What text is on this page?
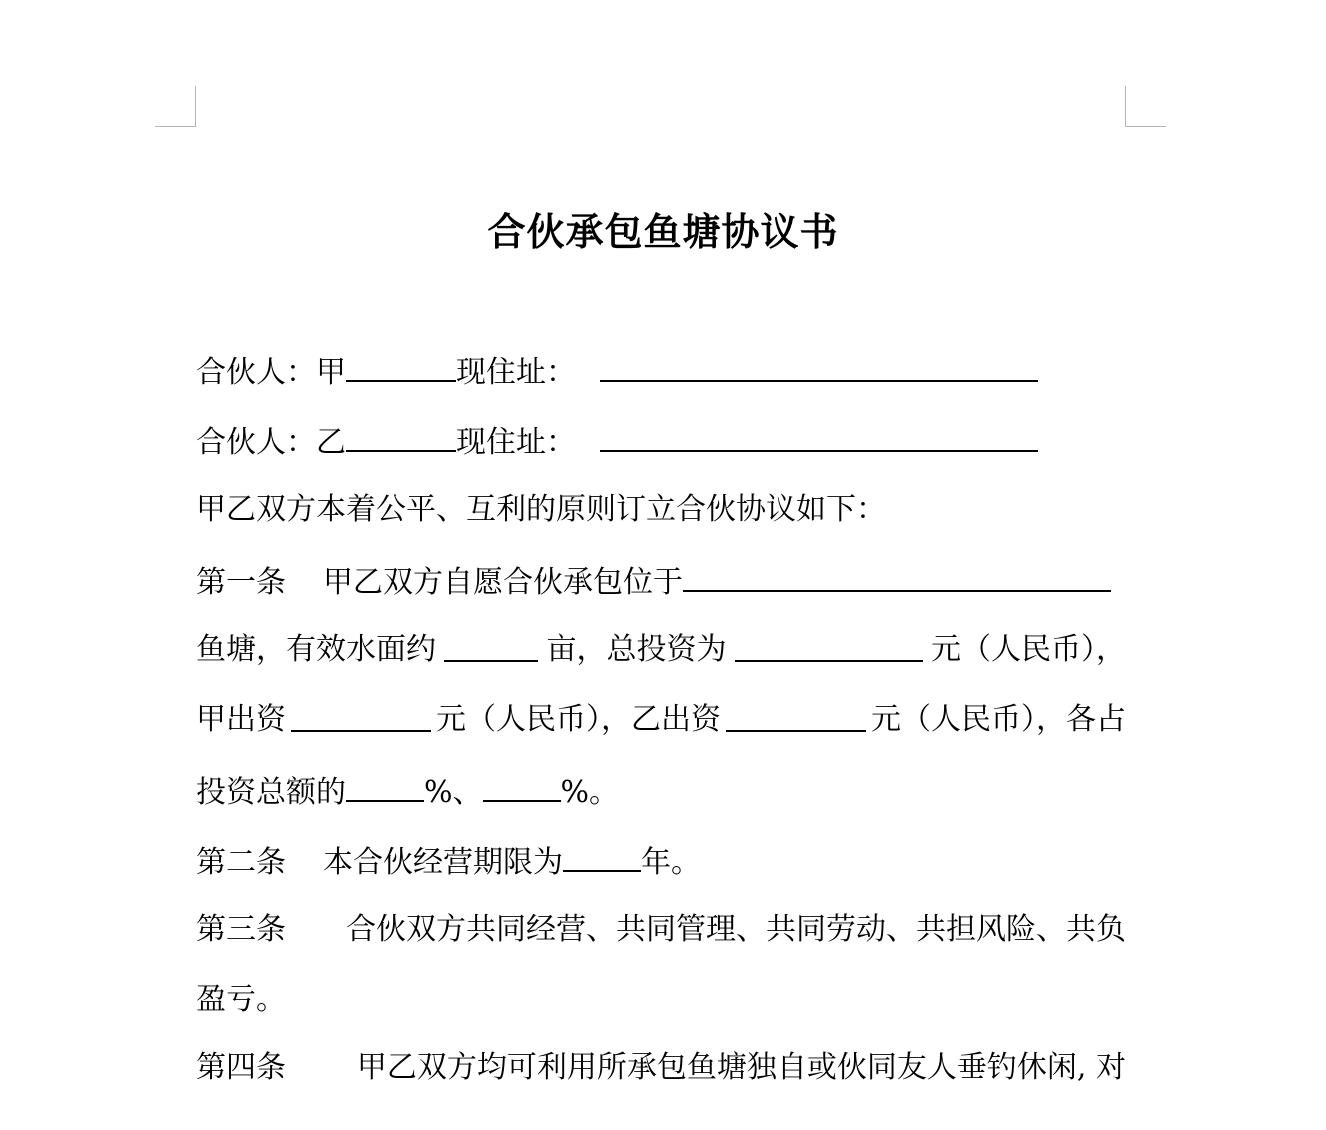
合伙承包鱼塘协议书
合伙人：甲	现住址：
合伙人：乙	现住址：
甲乙双方本着公平、互利的原则订立合伙协议如下：
第一条 甲乙双方自愿合伙承包位于
鱼塘，有效水面约	亩，总投资为	元（人民币），
甲出资	元（人民币），乙出资	元（人民币），各占
投资总额的	%、	%。
第二条 本合伙经营期限为	年。
第三条 合伙双方共同经营、共同管理、共同劳动、共担风险、共负
盈亏。
第四条 甲乙双方均可利用所承包鱼塘独自或伙同友人垂钓休闲, 对
